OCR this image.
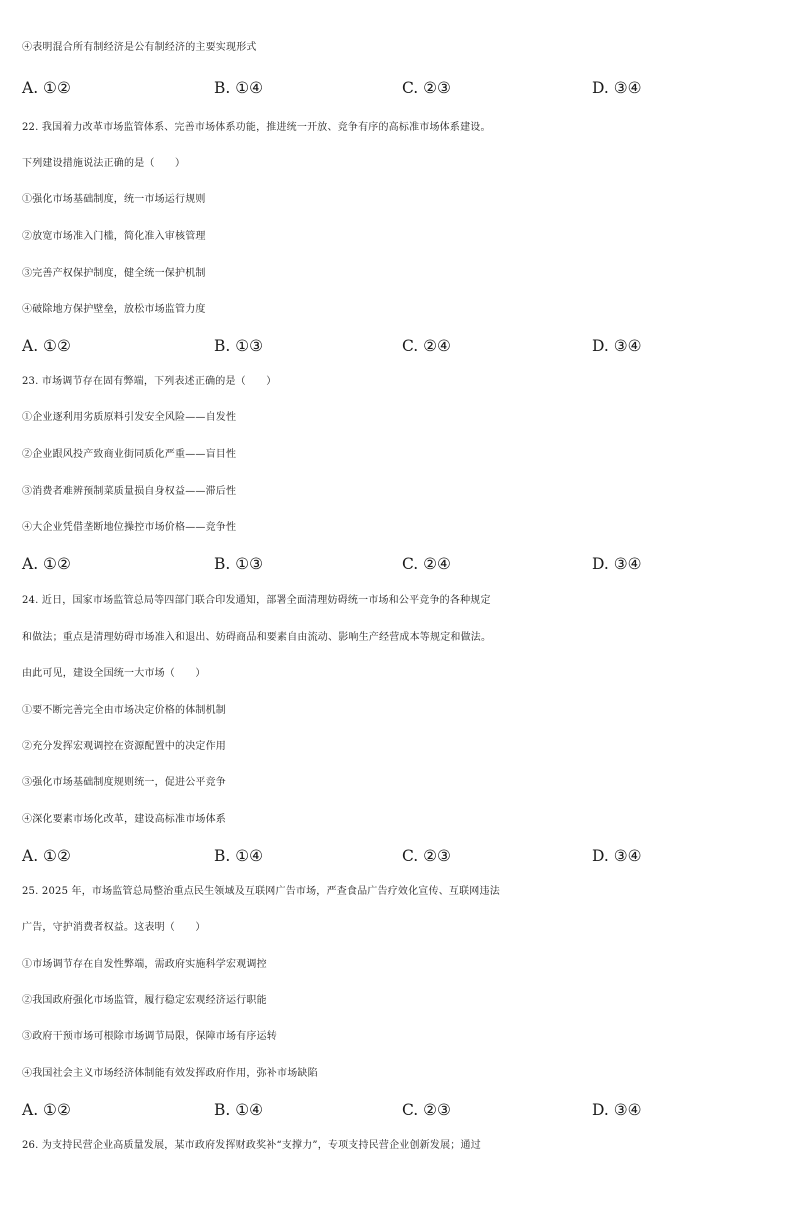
④表明混合所有制经济是公有制经济的主要实现形式
A. ①②	B. ①④	C. ②③	D. ③④
22. 我国着力改革市场监管体系、完善市场体系功能，推进统一开放、竞争有序的高标准市场体系建设。
下列建设措施说法正确的是（　　）
①强化市场基础制度，统一市场运行规则
②放宽市场准入门槛，简化准入审核管理
③完善产权保护制度，健全统一保护机制
④破除地方保护壁垒，放松市场监管力度
A. ①②	B. ①③	C. ②④	D. ③④
23. 市场调节存在固有弊端，下列表述正确的是（　　）
①企业逐利用劣质原料引发安全风险——自发性
②企业跟风投产致商业街同质化严重——盲目性
③消费者难辨预制菜质量损自身权益——滞后性
④大企业凭借垄断地位操控市场价格——竞争性
A. ①②	B. ①③	C. ②④	D. ③④
24. 近日，国家市场监管总局等四部门联合印发通知，部署全面清理妨碍统一市场和公平竞争的各种规定
和做法；重点是清理妨碍市场准入和退出、妨碍商品和要素自由流动、影响生产经营成本等规定和做法。
由此可见，建设全国统一大市场（　　）
①要不断完善完全由市场决定价格的体制机制
②充分发挥宏观调控在资源配置中的决定作用
③强化市场基础制度规则统一，促进公平竞争
④深化要素市场化改革，建设高标准市场体系
A. ①②	B. ①④	C. ②③	D. ③④
25. 2025 年，市场监管总局整治重点民生领域及互联网广告市场，严查食品广告疗效化宣传、互联网违法
广告，守护消费者权益。这表明（　　）
①市场调节存在自发性弊端，需政府实施科学宏观调控
②我国政府强化市场监管，履行稳定宏观经济运行职能
③政府干预市场可根除市场调节局限，保障市场有序运转
④我国社会主义市场经济体制能有效发挥政府作用，弥补市场缺陷
A. ①②	B. ①④	C. ②③	D. ③④
26. 为支持民营企业高质量发展，某市政府发挥财政奖补“支撑力”，专项支持民营企业创新发展；通过
